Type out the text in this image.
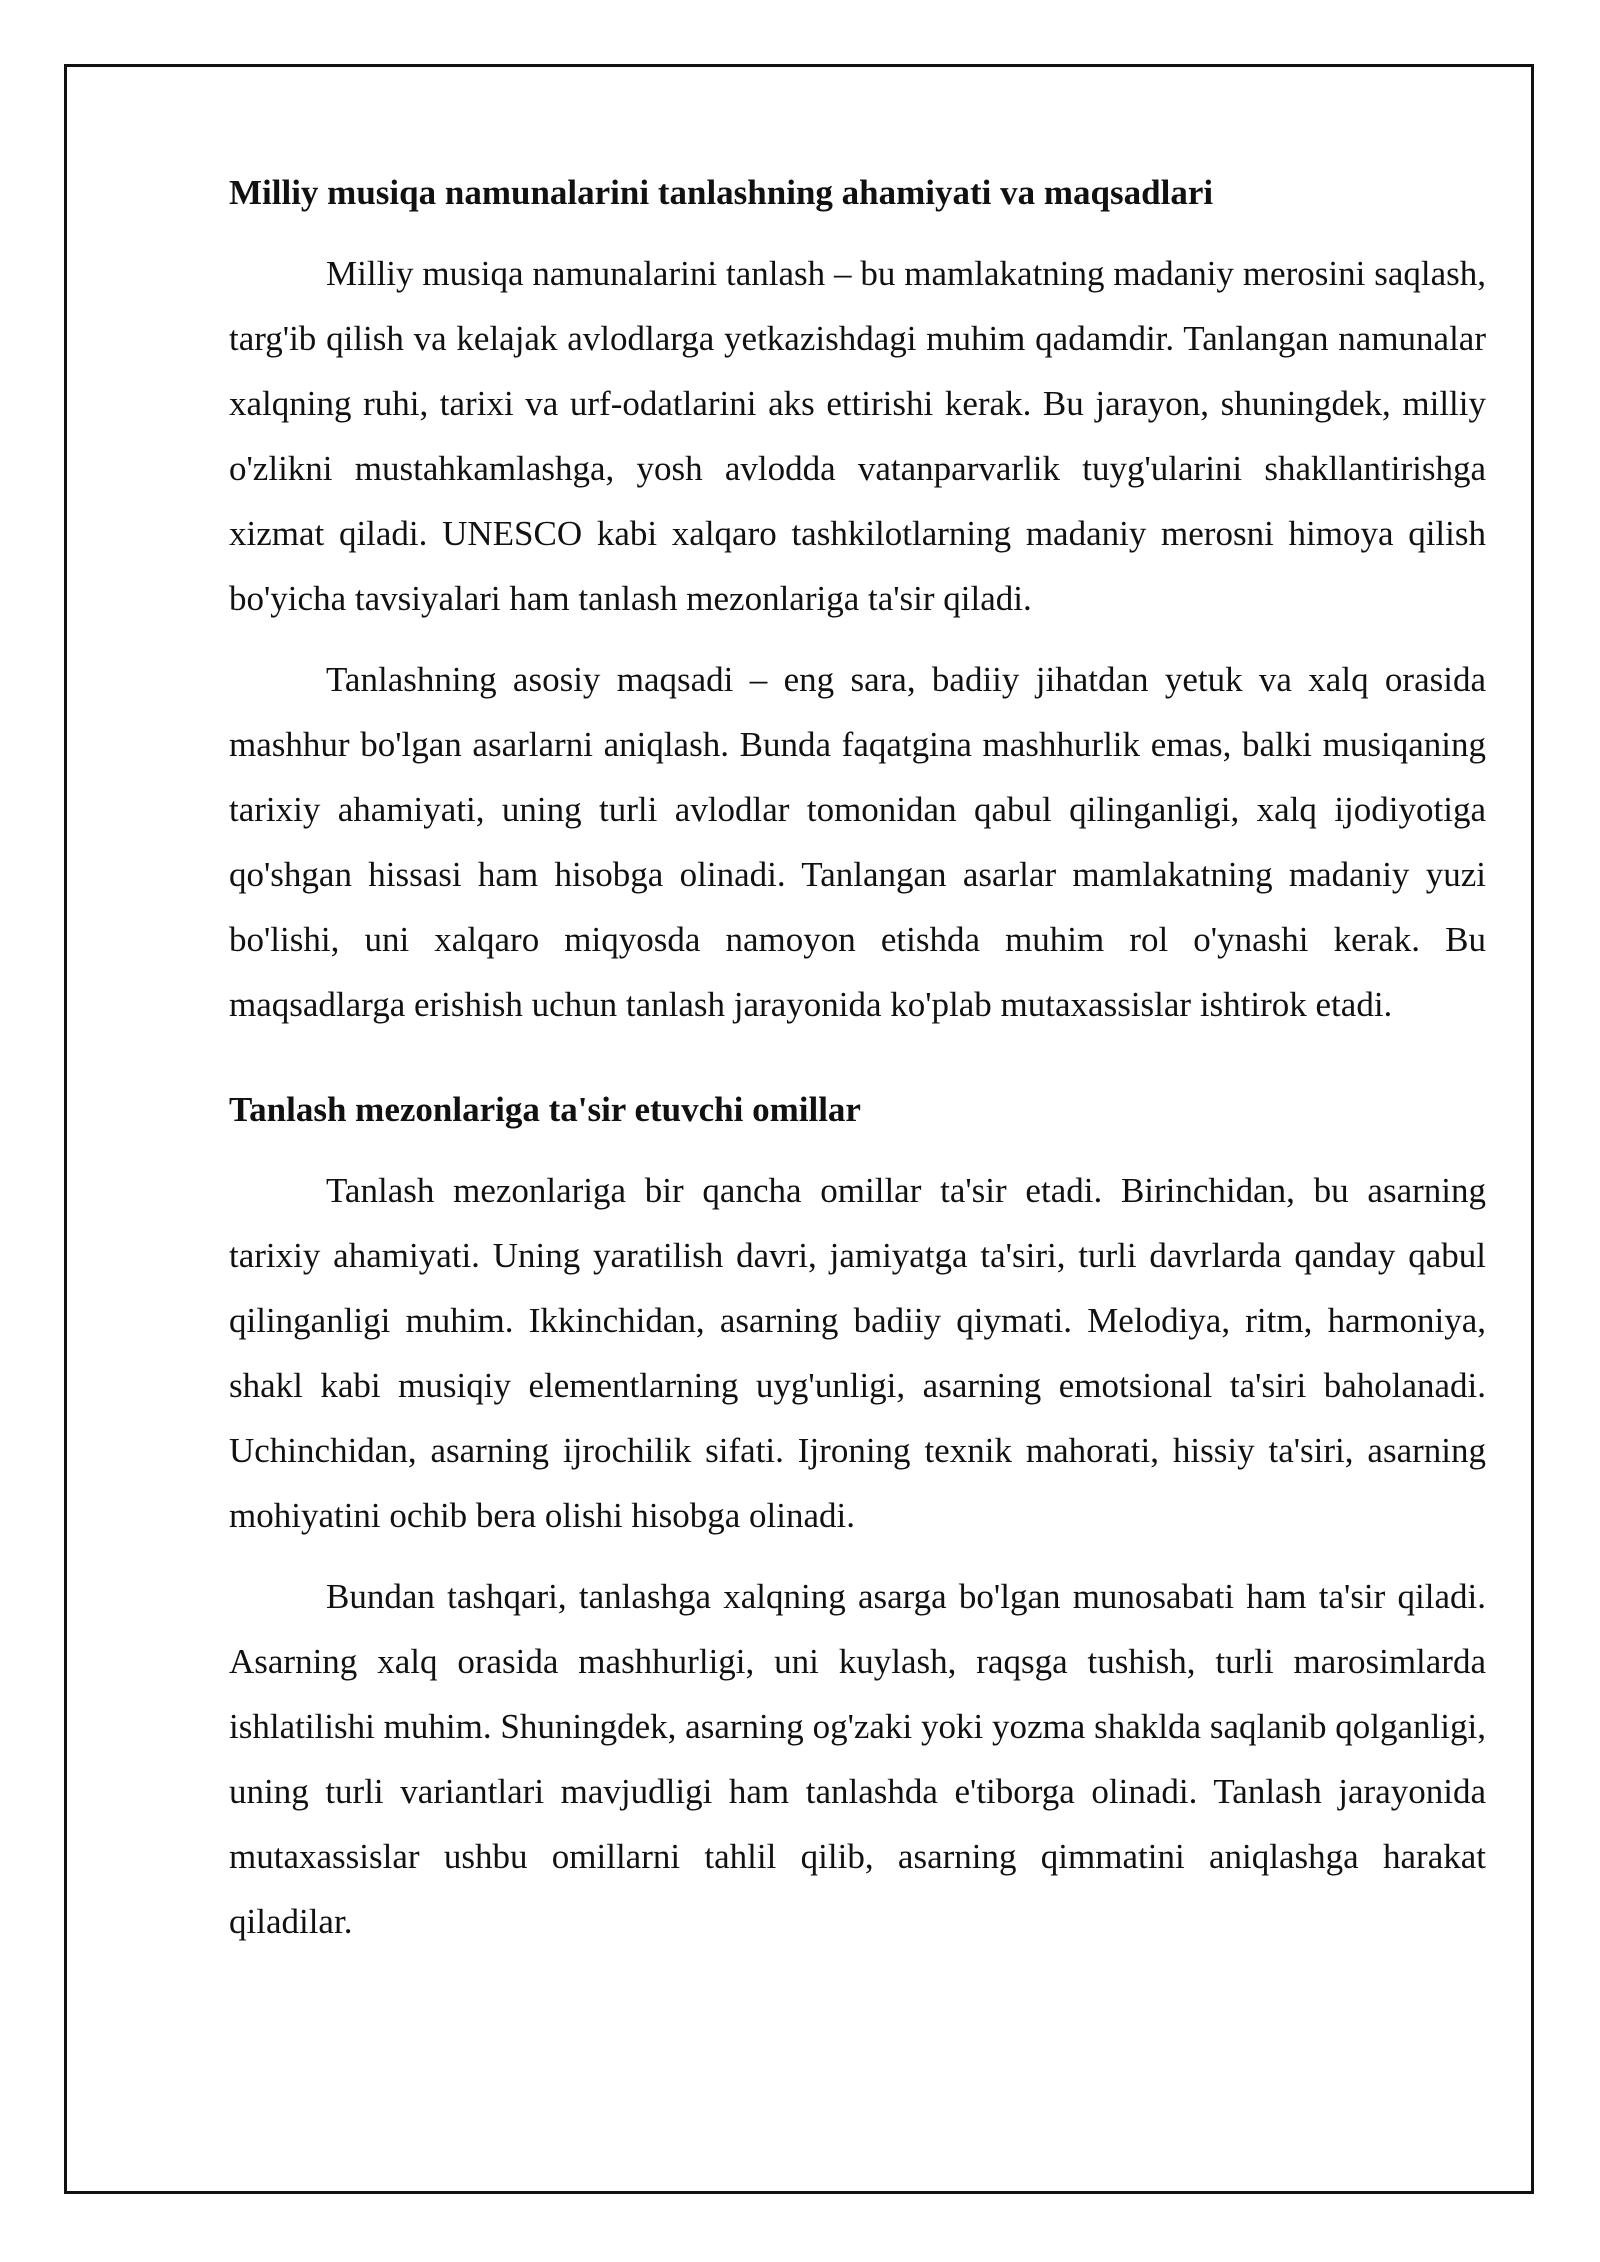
Milliy musiqa namunalarini tanlashning ahamiyati va maqsadlari

Milliy musiqa namunalarini tanlash – bu mamlakatning madaniy merosini saqlash, targ'ib qilish va kelajak avlodlarga yetkazishdagi muhim qadamdir. Tanlangan namunalar xalqning ruhi, tarixi va urf-odatlarini aks ettirishi kerak. Bu jarayon, shuningdek, milliy o'zlikni mustahkamlashga, yosh avlodda vatanparvarlik tuyg'ularini shakllantirishga xizmat qiladi. UNESCO kabi xalqaro tashkilotlarning madaniy merosni himoya qilish bo'yicha tavsiyalari ham tanlash mezonlariga ta'sir qiladi.

Tanlashning asosiy maqsadi – eng sara, badiiy jihatdan yetuk va xalq orasida mashhur bo'lgan asarlarni aniqlash. Bunda faqatgina mashhurlik emas, balki musiqaning tarixiy ahamiyati, uning turli avlodlar tomonidan qabul qilinganligi, xalq ijodiyotiga qo'shgan hissasi ham hisobga olinadi. Tanlangan asarlar mamlakatning madaniy yuzi bo'lishi, uni xalqaro miqyosda namoyon etishda muhim rol o'ynashi kerak. Bu maqsadlarga erishish uchun tanlash jarayonida ko'plab mutaxassislar ishtirok etadi.

Tanlash mezonlariga ta'sir etuvchi omillar

Tanlash mezonlariga bir qancha omillar ta'sir etadi. Birinchidan, bu asarning tarixiy ahamiyati. Uning yaratilish davri, jamiyatga ta'siri, turli davrlarda qanday qabul qilinganligi muhim. Ikkinchidan, asarning badiiy qiymati. Melodiya, ritm, harmoniya, shakl kabi musiqiy elementlarning uyg'unligi, asarning emotsional ta'siri baholanadi. Uchinchidan, asarning ijrochilik sifati. Ijroning texnik mahorati, hissiy ta'siri, asarning mohiyatini ochib bera olishi hisobga olinadi.

Bundan tashqari, tanlashga xalqning asarga bo'lgan munosabati ham ta'sir qiladi. Asarning xalq orasida mashhurligi, uni kuylash, raqsga tushish, turli marosimlarda ishlatilishi muhim. Shuningdek, asarning og'zaki yoki yozma shaklda saqlanib qolganligi, uning turli variantlari mavjudligi ham tanlashda e'tiborga olinadi. Tanlash jarayonida mutaxassislar ushbu omillarni tahlil qilib, asarning qimmatini aniqlashga harakat qiladilar.
